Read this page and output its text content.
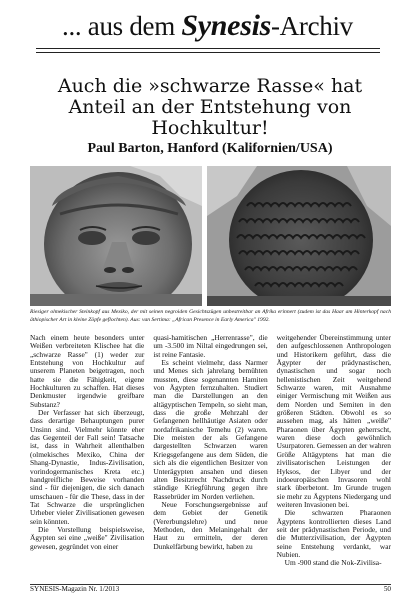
... aus dem Synesis-Archiv
Auch die »schwarze Rasse« hat Anteil an der Entstehung von Hochkultur!
Paul Barton, Hanford (Kalifornien/USA)

Riesiger olmekischer Steinkopf aus Mexiko, der mit seinen negroiden Gesichtszügen unbestreitbar an Afrika erinnert (zudem ist das Haar am Hinterkopf nach äthiopischer Art in kleine Zöpfe geflochten). Aus: van Sertima: „African Presence in Early America" 1992.

Nach einem heute besonders unter Weißen verbreiteten Klischee hat die „schwarze Rasse" (1) weder zur Entstehung von Hochkultur auf unserem Planeten beigetragen, noch hatte sie die Fähigkeit, eigene Hochkulturen zu schaffen. Hat dieses Denkmuster irgendwie greifbare Substanz?

Der Verfasser hat sich überzeugt, dass derartige Behauptungen purer Unsinn sind. Vielmehr könnte eher das Gegenteil der Fall sein! Tatsache ist, dass in Wahrheit allenthalben (olmekisches Mexiko, China der Shang-Dynastie, Indus-Zivilisation, vorindogermanisches Kreta etc.) handgreifliche Beweise vorhanden sind - für diejenigen, die sich danach umschauen - für die These, dass in der Tat Schwarze die ursprünglichen Urheber vieler Zivilisationen gewesen sein könnten.

Die Vorstellung beispielsweise, Ägypten sei eine „weiße" Zivilisation gewesen, gegründet von einer

quasi-hamitischen „Herrenrasse", die um -3.500 im Niltal eingedrungen sei, ist reine Fantasie.

Es scheint vielmehr, dass Narmer und Menes sich jahrelang bemühten mussten, diese sogenannten Hamiten von Ägypten fernzuhalten. Studiert man die Darstellungen an den altägyptischen Tempeln, so sieht man, dass die große Mehrzahl der Gefangenen hellhäutige Asiaten oder nordafrikanische Temehu (2) waren. Die meisten der als Gefangene dargestellten Schwarzen waren Kriegsgefangene aus dem Süden, die sich als die eigentlichen Besitzer von Unterägypten ansahen und diesen alten Besitzrecht Nachdruck durch ständige Kriegführung gegen ihre Rassebrüder im Norden verliehen.

Neue Forschungsergebnisse auf dem Gebiet der Genetik (Vererbungslehre) und neue Methoden, den Melaningehalt der Haut zu ermitteln, der deren Dunkelfärbung bewirkt, haben zu

weitgehender Übereinstimmung unter den aufgeschlossenen Anthropologen und Historikern geführt, dass die Ägypter der prädynastischen, dynastischen und sogar noch hellenistischen Zeit weitgehend Schwarze waren, mit Ausnahme einiger Vermischung mit Weißen aus dem Norden und Semiten in den größeren Städten. Obwohl es so aussehen mag, als hätten „weiße" Pharaonen über Ägypten geherrscht, waren diese doch gewöhnlich Usurpatoren. Gemessen an der wahren Größe Altägyptens hat man die zivilisatorischen Leistungen der Hyksos, der Libyer und der indoeuropäischen Invasoren wohl stark überbetont. Im Grunde trugen sie mehr zu Ägyptens Niedergang und weiteren Invasionen bei.

Die schwarzen Pharaonen Ägyptens kontrollierten dieses Land seit der prädynastischen Periode, und die Mutterzivilisation, der Ägypten seine Entstehung verdankt, war Nubien.

Um -900 stand die Nok-Zivilisa-

SYNESIS-Magazin Nr. 1/2013	50
